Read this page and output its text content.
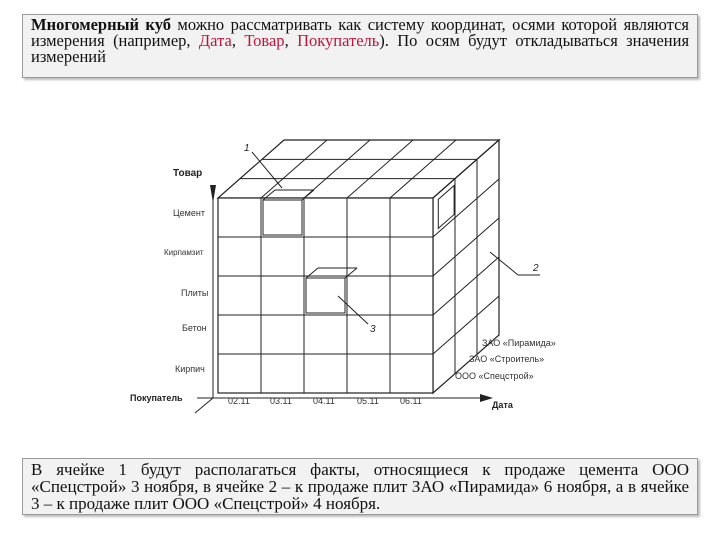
Многомерный куб можно рассматривать как систему координат, осями которой являются измерения (например, Дата, Товар, Покупатель). По осям будут откладываться значения измерений
Товар
Покупатель
Дата
Цемент
Кирпамзит
Плиты
Бетон
Кирпич
02.11 03.11 04.11 05.11 06.11
ЗАО «Пирамида»
ЗАО «Строитель»
ООО «Спецстрой»
1
2
3
В ячейке 1 будут располагаться факты, относящиеся к продаже цемента ООО «Спецстрой» 3 ноября, в ячейке 2 – к продаже плит ЗАО «Пирамида» 6 ноября, а в ячейке 3 – к продаже плит ООО «Спецстрой» 4 ноября.
